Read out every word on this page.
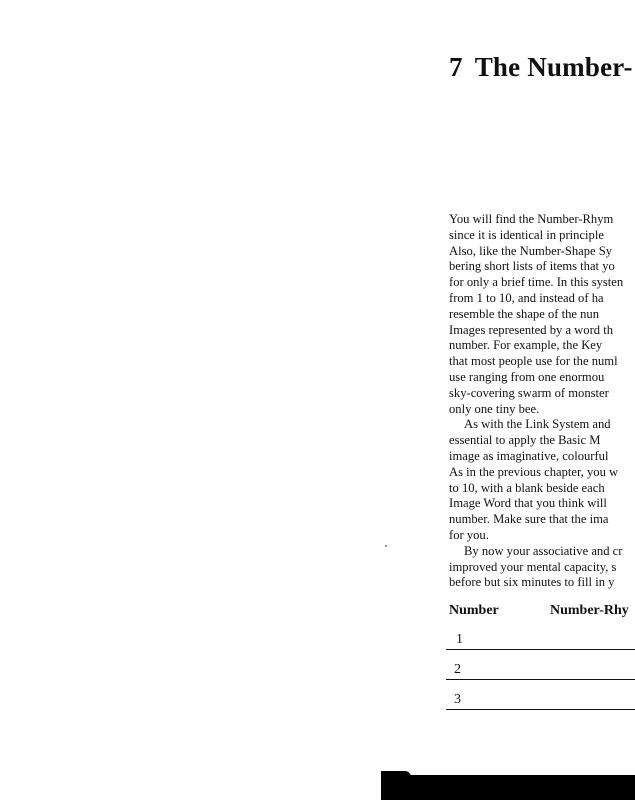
7 The Number-
You will find the Number-Rhym
since it is identical in principle
Also, like the Number-Shape Sy
bering short lists of items that yo
for only a brief time. In this systen
from 1 to 10, and instead of ha
resemble the shape of the nun
Images represented by a word th
number. For example, the Key
that most people use for the numl
use ranging from one enormou
sky-covering swarm of monster
only one tiny bee.
As with the Link System and
essential to apply the Basic M
image as imaginative, colourful
As in the previous chapter, you w
to 10, with a blank beside each
Image Word that you think will
number. Make sure that the ima
for you.
By now your associative and cr
improved your mental capacity, s
before but six minutes to fill in y
Number	Number-Rhy
1
2
3
